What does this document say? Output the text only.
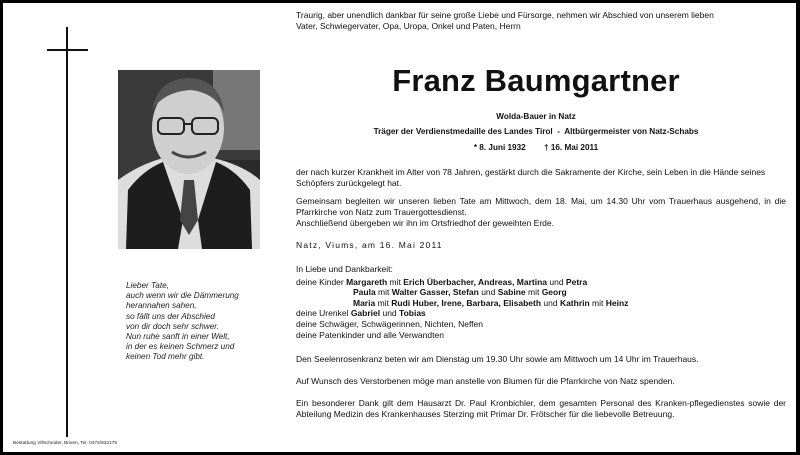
Lieber Tate,
auch wenn wir die Dämmerung
herannahen sahen,
so fällt uns der Abschied
von dir doch sehr schwer.
Nun ruhe sanft in einer Welt,
in der es keinen Schmerz und
keinen Tod mehr gibt.
Bestattung Villscheider, Brixen, Tel. 0472/833175
Traurig, aber unendlich dankbar für seine große Liebe und Fürsorge, nehmen wir Abschied von unserem lieben
Vater, Schwiegervater, Opa, Uropa, Onkel und Paten, Herrn
Franz Baumgartner
Wolda-Bauer in Natz
Träger der Verdienstmedaille des Landes Tirol  -  Altbürgermeister von Natz-Schabs
* 8. Juni 1932 † 16. Mai 2011
der nach kurzer Krankheit im Alter von 78 Jahren, gestärkt durch die Sakramente der Kirche, sein Leben in die Hände seines Schöpfers zurückgelegt hat.
Gemeinsam begleiten wir unseren lieben Tate am Mittwoch, dem 18. Mai, um 14.30 Uhr vom Trauerhaus ausgehend, in die Pfarrkirche von Natz zum Trauergottesdienst.
Anschließend übergeben wir ihn im Ortsfriedhof der geweihten Erde.
Natz, Viums, am 16. Mai 2011
In Liebe und Dankbarkeit:
deine Kinder Margareth mit Erich Überbacher, Andreas, Martina und Petra
Paula mit Walter Gasser, Stefan und Sabine mit Georg
Maria mit Rudi Huber, Irene, Barbara, Elisabeth und Kathrin mit Heinz
deine Urenkel Gabriel und Tobias
deine Schwäger, Schwägerinnen, Nichten, Neffen
deine Patenkinder und alle Verwandten
Den Seelenrosenkranz beten wir am Dienstag um 19.30 Uhr sowie am Mittwoch um 14 Uhr im Trauerhaus.
Auf Wunsch des Verstorbenen möge man anstelle von Blumen für die Pfarrkirche von Natz spenden.
Ein besonderer Dank gilt dem Hausarzt Dr. Paul Kronbichler, dem gesamten Personal des Kranken-pflegedienstes sowie der Abteilung Medizin des Krankenhauses Sterzing mit Primar Dr. Frötscher für die liebevolle Betreuung.
